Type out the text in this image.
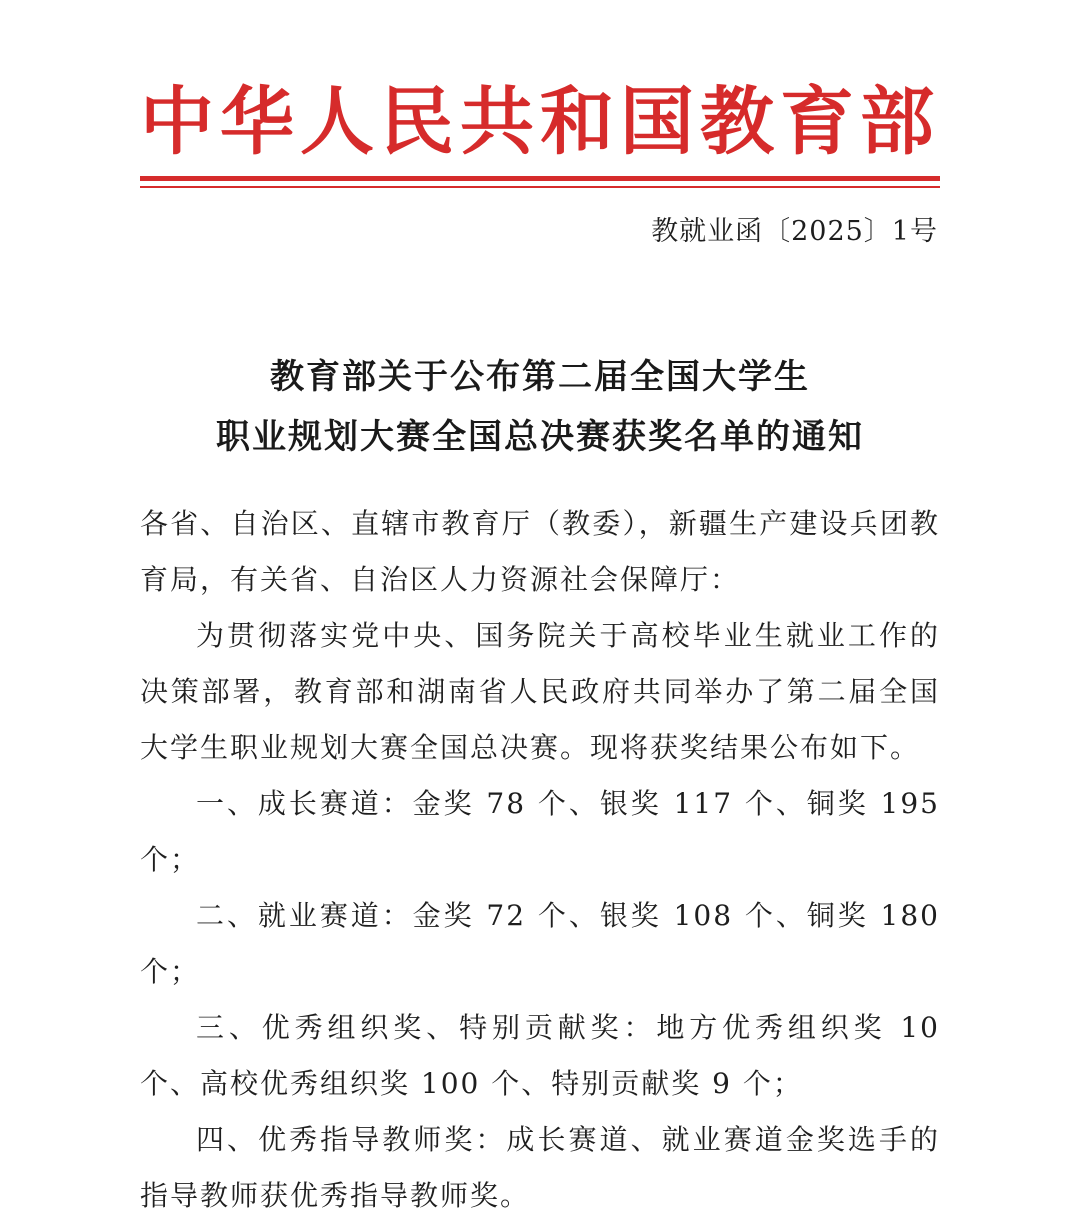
中华人民共和国教育部
教就业函〔2025〕1号
教育部关于公布第二届全国大学生
职业规划大赛全国总决赛获奖名单的通知

各省、自治区、直辖市教育厅（教委），新疆生产建设兵团教育局，有关省、自治区人力资源社会保障厅：

为贯彻落实党中央、国务院关于高校毕业生就业工作的决策部署，教育部和湖南省人民政府共同举办了第二届全国大学生职业规划大赛全国总决赛。现将获奖结果公布如下。

一、成长赛道：金奖 78 个、银奖 117 个、铜奖 195 个；

二、就业赛道：金奖 72 个、银奖 108 个、铜奖 180 个；

三、优秀组织奖、特别贡献奖：地方优秀组织奖 10 个、高校优秀组织奖 100 个、特别贡献奖 9 个；

四、优秀指导教师奖：成长赛道、就业赛道金奖选手的指导教师获优秀指导教师奖。
